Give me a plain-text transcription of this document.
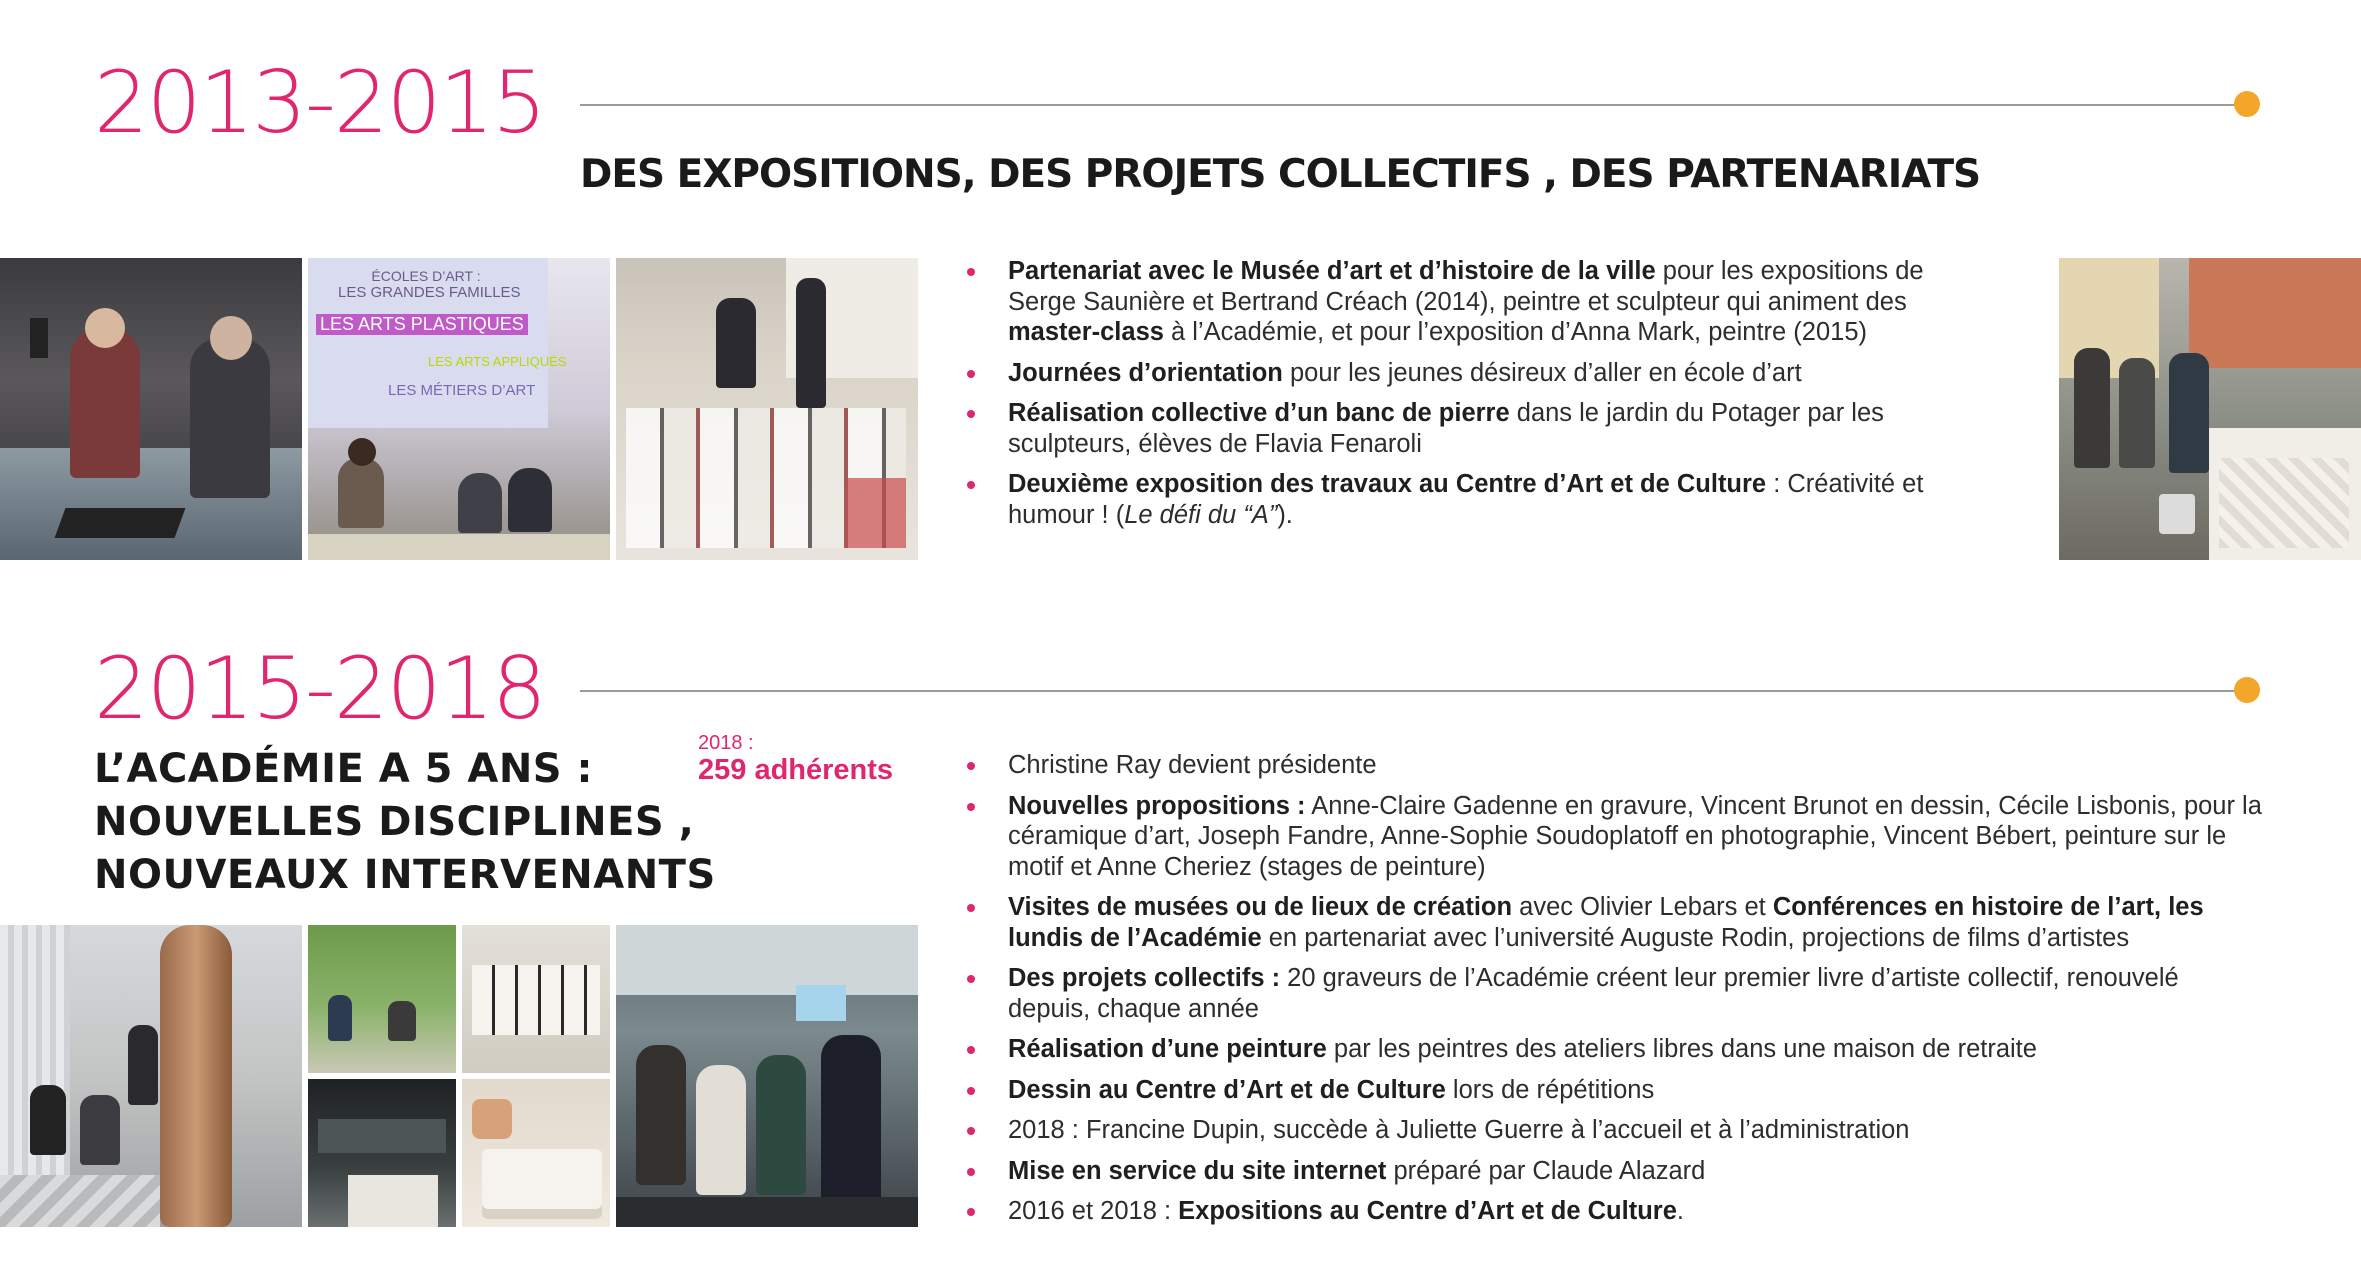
2013-2015
DES EXPOSITIONS, DES PROJETS COLLECTIFS , DES PARTENARIATS
ÉCOLES D’ART :
LES GRANDES FAMILLES
LES ARTS PLASTIQUES
LES ARTS APPLIQUÉS
LES MÉTIERS D’ART
Partenariat avec le Musée d’art et d’histoire de la ville pour les expositions de Serge Saunière et Bertrand Créach (2014), peintre et sculpteur qui animent des master-class à l’Académie, et pour l’exposition d’Anna Mark, peintre (2015)
Journées d’orientation pour les jeunes désireux d’aller en école d’art
Réalisation collective d’un banc de pierre dans le jardin du Potager par les sculpteurs, élèves de Flavia Fenaroli
Deuxième exposition des travaux au Centre d’Art et de Culture : Créativité et humour ! (Le défi du “A”).
2015-2018
L’ACADÉMIE A 5 ANS :
NOUVELLES DISCIPLINES ,
NOUVEAUX INTERVENANTS
2018 :
259 adhérents	Christine Ray devient présidente
Nouvelles propositions : Anne-Claire Gadenne en gravure, Vincent Brunot en dessin, Cécile Lisbonis, pour la céramique d’art, Joseph Fandre, Anne-Sophie Soudoplatoff en photographie, Vincent Bébert, peinture sur le motif et Anne Cheriez (stages de peinture)
Visites de musées ou de lieux de création avec Olivier Lebars et Conférences en histoire de l’art, les lundis de l’Académie en partenariat avec l’université Auguste Rodin, projections de films d’artistes
Des projets collectifs : 20 graveurs de l’Académie créent leur premier livre d’artiste collectif, renouvelé depuis, chaque année
Réalisation d’une peinture par les peintres des ateliers libres dans une maison de retraite
Dessin au Centre d’Art et de Culture lors de répétitions
2018 : Francine Dupin, succède à Juliette Guerre à l’accueil et à l’administration
Mise en service du site internet préparé par Claude Alazard
2016 et 2018 : Expositions au Centre d’Art et de Culture.
